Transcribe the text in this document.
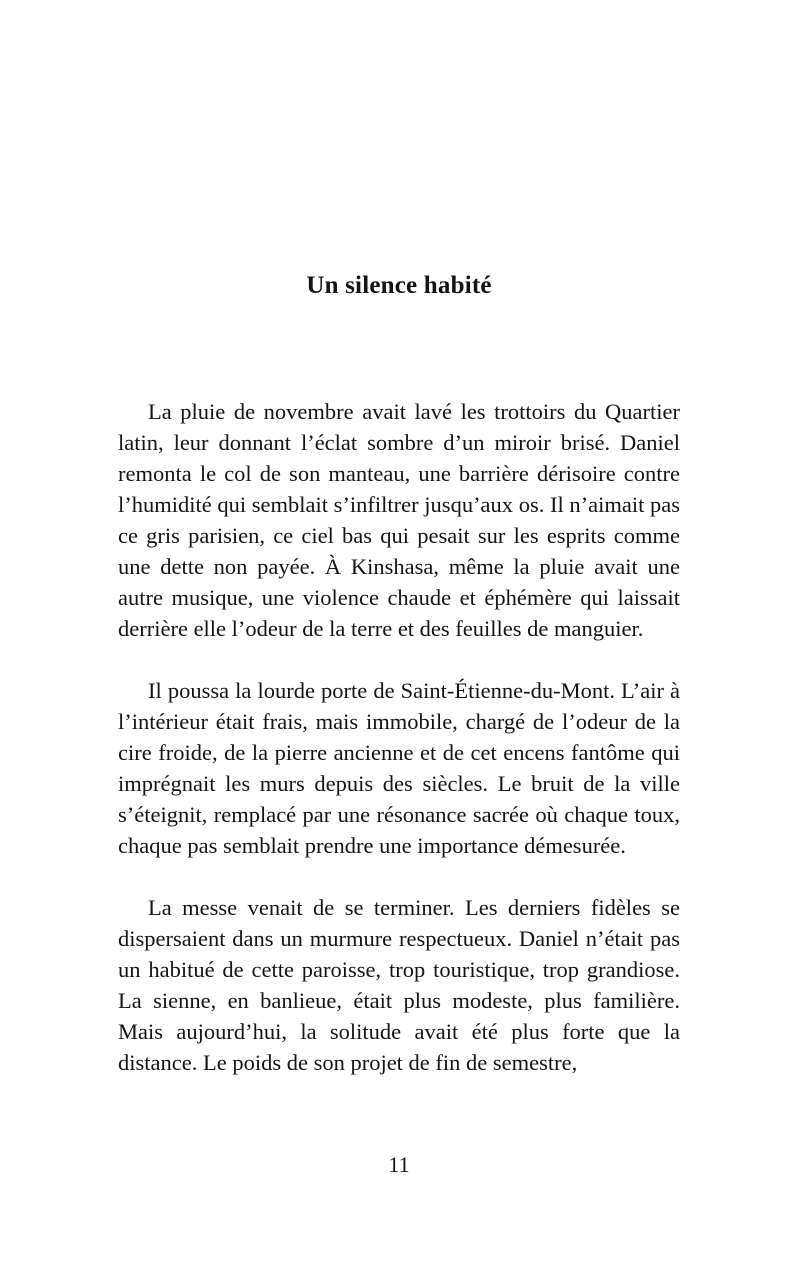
Un silence habité

La pluie de novembre avait lavé les trottoirs du Quartier latin, leur donnant l’éclat sombre d’un miroir brisé. Daniel remonta le col de son manteau, une barrière dérisoire contre l’humidité qui semblait s’infiltrer jusqu’aux os. Il n’aimait pas ce gris parisien, ce ciel bas qui pesait sur les esprits comme une dette non payée. À Kinshasa, même la pluie avait une autre musique, une violence chaude et éphémère qui laissait derrière elle l’odeur de la terre et des feuilles de manguier.

Il poussa la lourde porte de Saint-Étienne-du-Mont. L’air à l’intérieur était frais, mais immobile, chargé de l’odeur de la cire froide, de la pierre ancienne et de cet encens fantôme qui imprégnait les murs depuis des siècles. Le bruit de la ville s’éteignit, remplacé par une résonance sacrée où chaque toux, chaque pas semblait prendre une importance démesurée.

La messe venait de se terminer. Les derniers fidèles se dispersaient dans un murmure respectueux. Daniel n’était pas un habitué de cette paroisse, trop touristique, trop grandiose. La sienne, en banlieue, était plus modeste, plus familière. Mais aujourd’hui, la solitude avait été plus forte que la distance. Le poids de son projet de fin de semestre,

11
